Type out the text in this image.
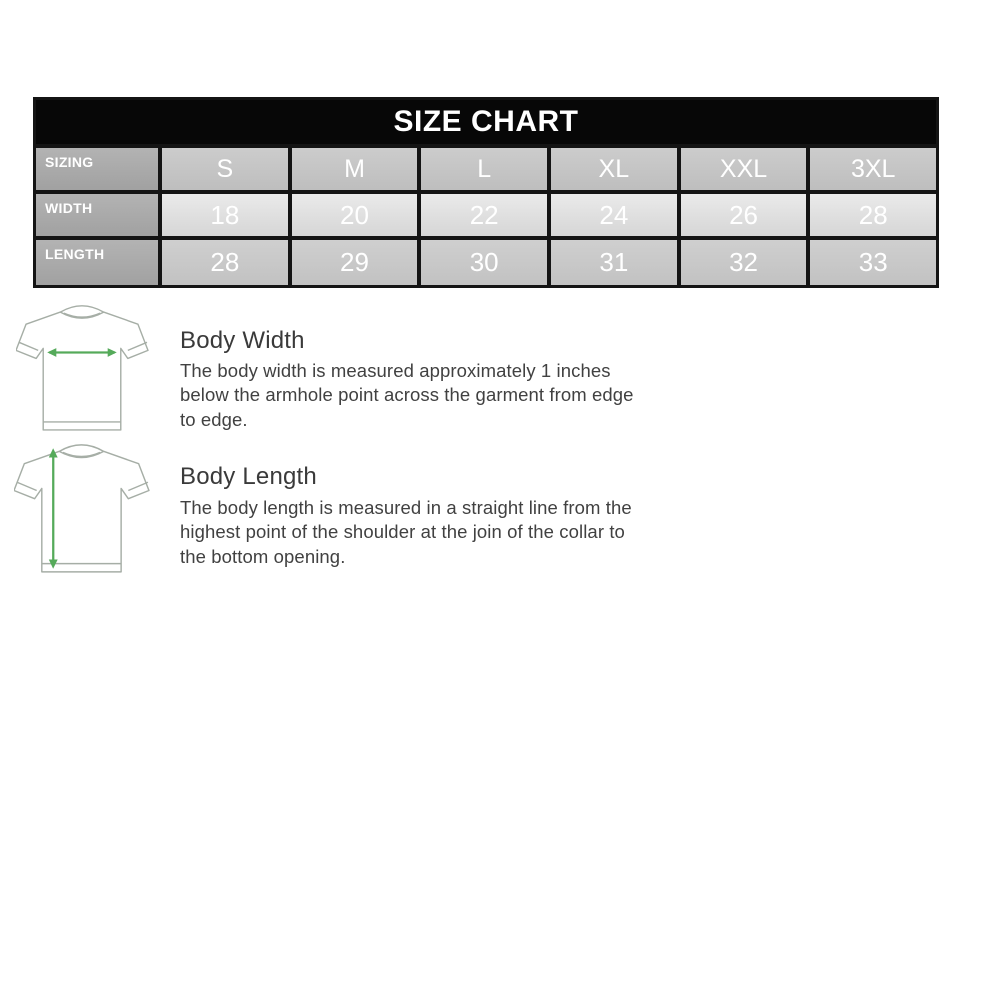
SIZE CHART
SIZING	S	M	L	XL	XXL	3XL
WIDTH	18	20	22	24	26	28
LENGTH	28	29	30	31	32	33
Body Width
The body width is measured approximately 1 inches
below the armhole point across the garment from edge
to edge.
Body Length
The body length is measured in a straight line from the
highest point of the shoulder at the join of the collar to
the bottom opening.
